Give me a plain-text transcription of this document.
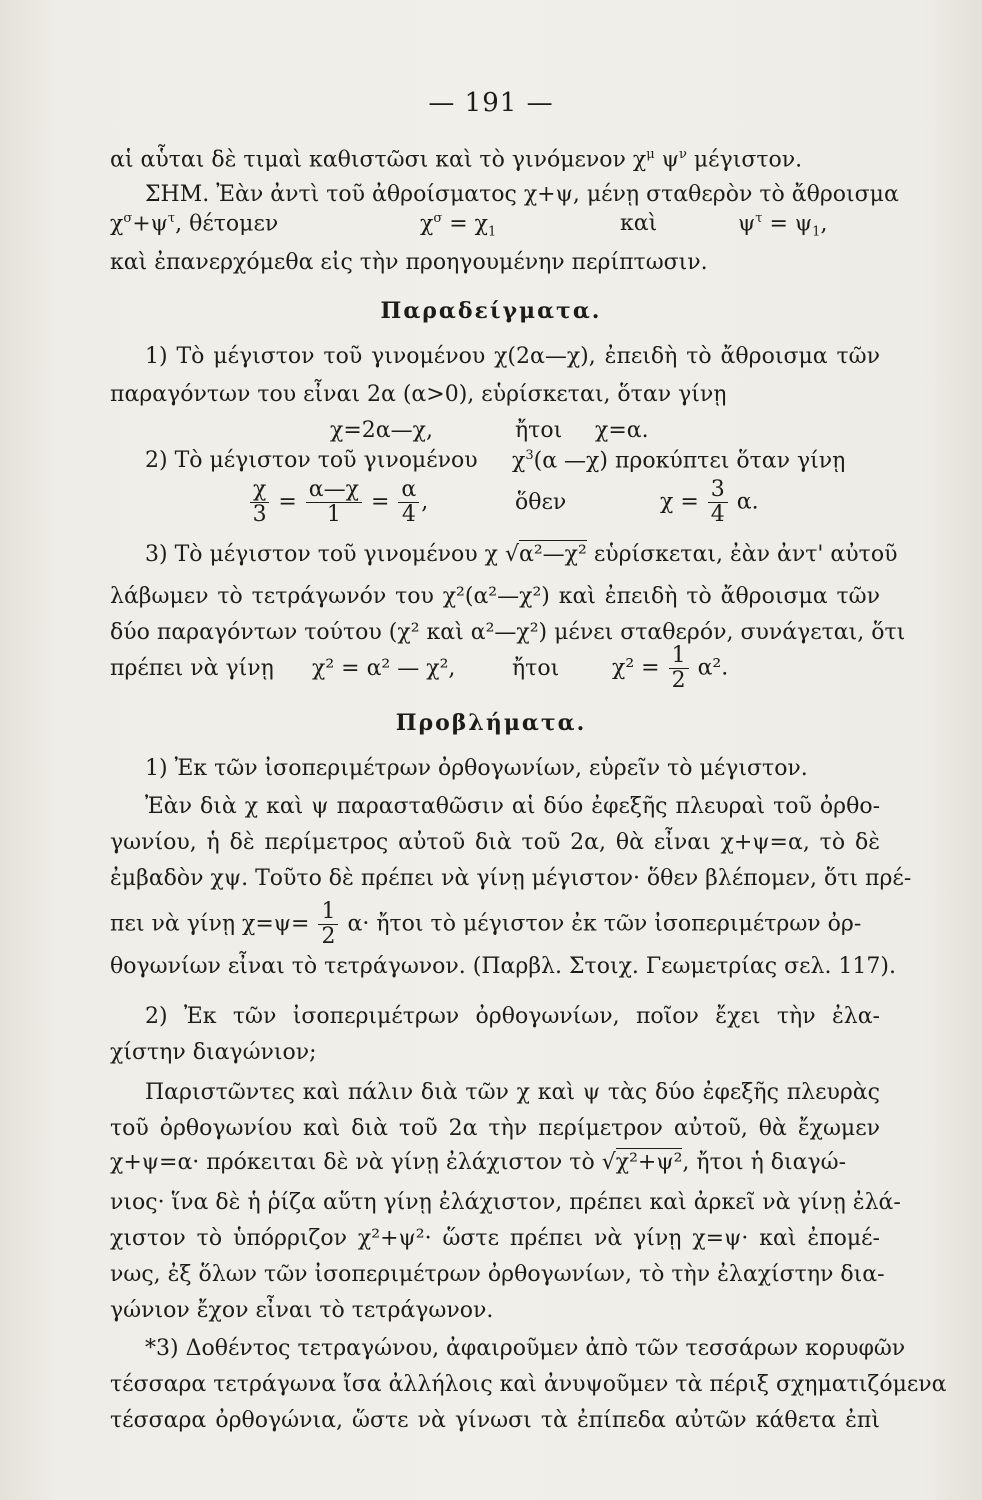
— 191 —
αἱ αὗται δὲ τιμαὶ καθιστῶσι καὶ τὸ γινόμενον $\chi^\mu$ $\psi^\nu$ μέγιστον.
ΣΗΜ. Ἐὰν ἀντὶ τοῦ ἀθροίσματος χ+ψ, μένῃ σταθερὸν τὸ ἄθροισμα
$\chi^\sigma+\psi^\tau$, θέτομεν	$\chi^\sigma = \chi_1$	καὶ	$\psi^\tau = \psi_1$,
καὶ ἐπανερχόμεθα εἰς τὴν προηγουμένην περίπτωσιν.
Παραδείγματα.
1) Τὸ μέγιστον τοῦ γινομένου χ(2α—χ), ἐπειδὴ τὸ ἄθροισμα τῶν
παραγόντων του εἶναι 2α (α>0), εὑρίσκεται, ὅταν γίνῃ
χ=2α—χ,	ἤτοι χ=α.
2) Τὸ μέγιστον τοῦ γινομένου $\chi^3(\alpha$ —χ) προκύπτει ὅταν γίνῃ
$\frac{\chi}{3} = \frac{\alpha—\chi}{1} = \frac{\alpha}{4}$ ,	ὅθεν	$\chi = \frac{3}{4} \alpha$.
3) Τὸ μέγιστον τοῦ γινομένου χ √α²—χ² εὑρίσκεται, ἐὰν ἀντ' αὐτοῦ
λάβωμεν τὸ τετράγωνόν του χ²(α²—χ²) καὶ ἐπειδὴ τὸ ἄθροισμα τῶν
δύο παραγόντων τούτου (χ² καὶ α²—χ²) μένει σταθερόν, συνάγεται, ὅτι
πρέπει νὰ γίνῃ χ² = α² — χ²,	ἤτοι $\chi^2 = \frac{1}{2} \alpha^2$.
Προβλήματα.
1) Ἐκ τῶν ἰσοπεριμέτρων ὀρθογωνίων, εὑρεῖν τὸ μέγιστον.
Ἐὰν διὰ χ καὶ ψ παρασταθῶσιν αἱ δύο ἐφεξῆς πλευραὶ τοῦ ὀρθο-
γωνίου, ἡ δὲ περίμετρος αὐτοῦ διὰ τοῦ 2α, θὰ εἶναι χ+ψ=α, τὸ δὲ
ἐμβαδὸν χψ. Τοῦτο δὲ πρέπει νὰ γίνῃ μέγιστον· ὅθεν βλέπομεν, ὅτι πρέ-
πει νὰ γίνῃ $\chi=\psi= \frac{1}{2} \alpha\cdot$ ἤτοι τὸ μέγιστον ἐκ τῶν ἰσοπεριμέτρων ὀρ-
θογωνίων εἶναι τὸ τετράγωνον. (Παρβλ. Στοιχ. Γεωμετρίας σελ. 117).
2) Ἐκ τῶν ἰσοπεριμέτρων ὀρθογωνίων, ποῖον ἔχει τὴν ἐλα-
χίστην διαγώνιον;
Παριστῶντες καὶ πάλιν διὰ τῶν χ καὶ ψ τὰς δύο ἐφεξῆς πλευρὰς
τοῦ ὀρθογωνίου καὶ διὰ τοῦ 2α τὴν περίμετρον αὐτοῦ, θὰ ἔχωμεν
χ+ψ=α· πρόκειται δὲ νὰ γίνῃ ἐλάχιστον τὸ √χ²+ψ², ἤτοι ἡ διαγώ-
νιος· ἵνα δὲ ἡ ῥίζα αὕτη γίνῃ ἐλάχιστον, πρέπει καὶ ἀρκεῖ νὰ γίνῃ ἐλά-
χιστον τὸ ὑπόρριζον χ²+ψ²· ὥστε πρέπει νὰ γίνῃ χ=ψ· καὶ ἐπομέ-
νως, ἐξ ὅλων τῶν ἰσοπεριμέτρων ὀρθογωνίων, τὸ τὴν ἐλαχίστην δια-
γώνιον ἔχον εἶναι τὸ τετράγωνον.
*3) Δοθέντος τετραγώνου, ἀφαιροῦμεν ἀπὸ τῶν τεσσάρων κορυφῶν
τέσσαρα τετράγωνα ἴσα ἀλλήλοις καὶ ἀνυψοῦμεν τὰ πέριξ σχηματιζόμενα
τέσσαρα ὀρθογώνια, ὥστε νὰ γίνωσι τὰ ἐπίπεδα αὐτῶν κάθετα ἐπὶ
